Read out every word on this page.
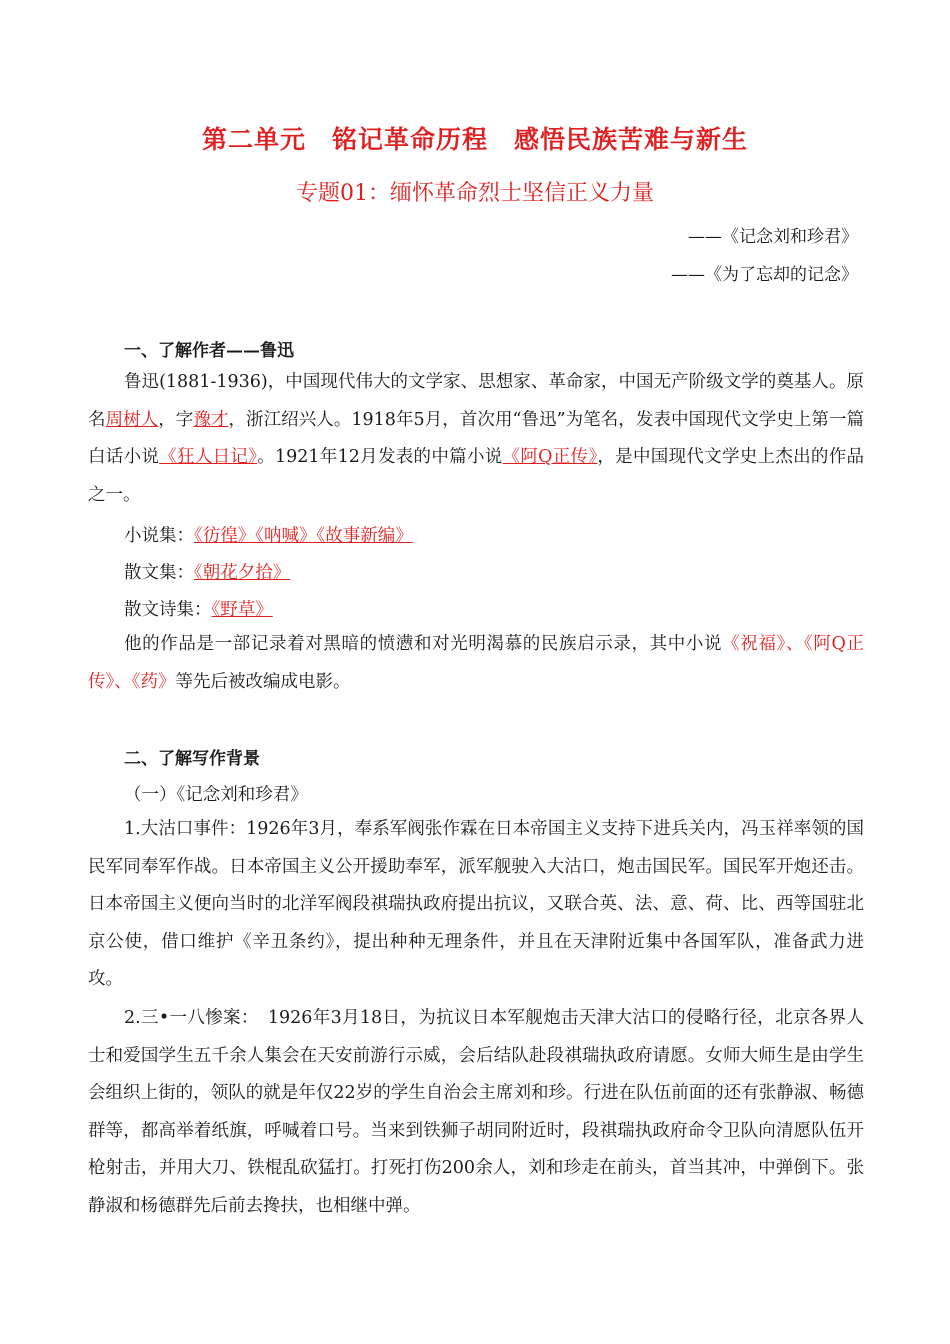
第二单元　铭记革命历程　感悟民族苦难与新生
专题01：缅怀革命烈士坚信正义力量
——《记念刘和珍君》
——《为了忘却的记念》
一、了解作者——鲁迅
鲁迅(1881-1936)，中国现代伟大的文学家、思想家、革命家，中国无产阶级文学的奠基人。原名周树人，字豫才，浙江绍兴人。1918年5月，首次用“鲁迅”为笔名，发表中国现代文学史上第一篇白话小说《狂人日记》。1921年12月发表的中篇小说《阿Q正传》，是中国现代文学史上杰出的作品之一。
小说集：《彷徨》《呐喊》《故事新编》
散文集：《朝花夕拾》
散文诗集：《野草》
他的作品是一部记录着对黑暗的愤懑和对光明渴慕的民族启示录，其中小说《祝福》、《阿Q正传》、《药》等先后被改编成电影。
二、了解写作背景
（一）《记念刘和珍君》
1.大沽口事件：1926年3月，奉系军阀张作霖在日本帝国主义支持下进兵关内，冯玉祥率领的国民军同奉军作战。日本帝国主义公开援助奉军，派军舰驶入大沽口，炮击国民军。国民军开炮还击。日本帝国主义便向当时的北洋军阀段祺瑞执政府提出抗议，又联合英、法、意、荷、比、西等国驻北京公使，借口维护《辛丑条约》，提出种种无理条件，并且在天津附近集中各国军队，准备武力进攻。
2.三•一八惨案：　1926年3月18日，为抗议日本军舰炮击天津大沽口的侵略行径，北京各界人士和爱国学生五千余人集会在天安前游行示威，会后结队赴段祺瑞执政府请愿。女师大师生是由学生会组织上街的，领队的就是年仅22岁的学生自治会主席刘和珍。行进在队伍前面的还有张静淑、畅德群等，都高举着纸旗，呼喊着口号。当来到铁狮子胡同附近时，段祺瑞执政府命令卫队向清愿队伍开枪射击，并用大刀、铁棍乱砍猛打。打死打伤200余人，刘和珍走在前头，首当其冲，中弹倒下。张静淑和杨德群先后前去搀扶，也相继中弹。
